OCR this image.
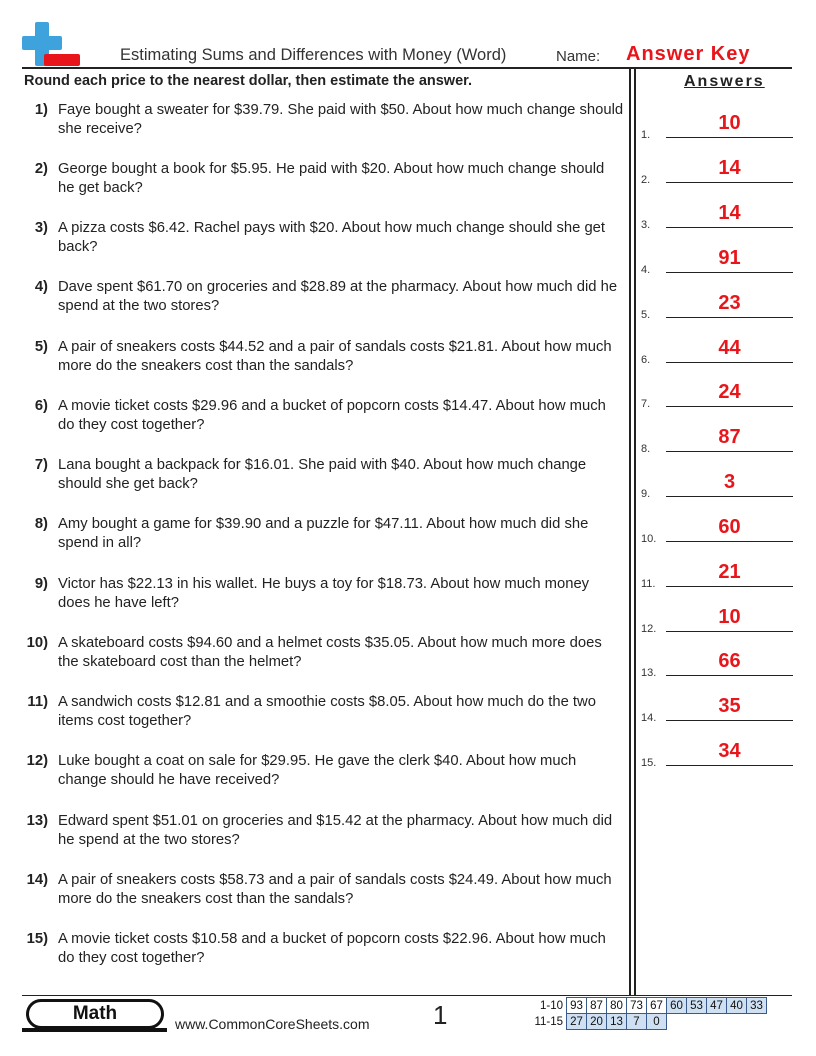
Estimating Sums and Differences with Money (Word)	Name: Answer Key
Round each price to the nearest dollar, then estimate the answer.	Answers
1) Faye bought a sweater for $39.79. She paid with $50. About how much change should she receive?
2) George bought a book for $5.95. He paid with $20. About how much change should he get back?
3) A pizza costs $6.42. Rachel pays with $20. About how much change should she get back?
4) Dave spent $61.70 on groceries and $28.89 at the pharmacy. About how much did he spend at the two stores?
5) A pair of sneakers costs $44.52 and a pair of sandals costs $21.81. About how much more do the sneakers cost than the sandals?
6) A movie ticket costs $29.96 and a bucket of popcorn costs $14.47. About how much do they cost together?
7) Lana bought a backpack for $16.01. She paid with $40. About how much change should she get back?
8) Amy bought a game for $39.90 and a puzzle for $47.11. About how much did she spend in all?
9) Victor has $22.13 in his wallet. He buys a toy for $18.73. About how much money does he have left?
10) A skateboard costs $94.60 and a helmet costs $35.05. About how much more does the skateboard cost than the helmet?
11) A sandwich costs $12.81 and a smoothie costs $8.05. About how much do the two items cost together?
12) Luke bought a coat on sale for $29.95. He gave the clerk $40. About how much change should he have received?
13) Edward spent $51.01 on groceries and $15.42 at the pharmacy. About how much did he spend at the two stores?
14) A pair of sneakers costs $58.73 and a pair of sandals costs $24.49. About how much more do the sneakers cost than the sandals?
15) A movie ticket costs $10.58 and a bucket of popcorn costs $22.96. About how much do they cost together?
1.
10
2.
14
3.
14
4.
91
5.
23
6.
44
7.
24
8.
87
9.
3
10.
60
11.
21
12.
10
13.
66
14.
35
15.
34
Math	www.CommonCoreSheets.com 1	1-10	93	87	80	73	67	60	53	47	40	33
11-15	27	20	13	7	0					
